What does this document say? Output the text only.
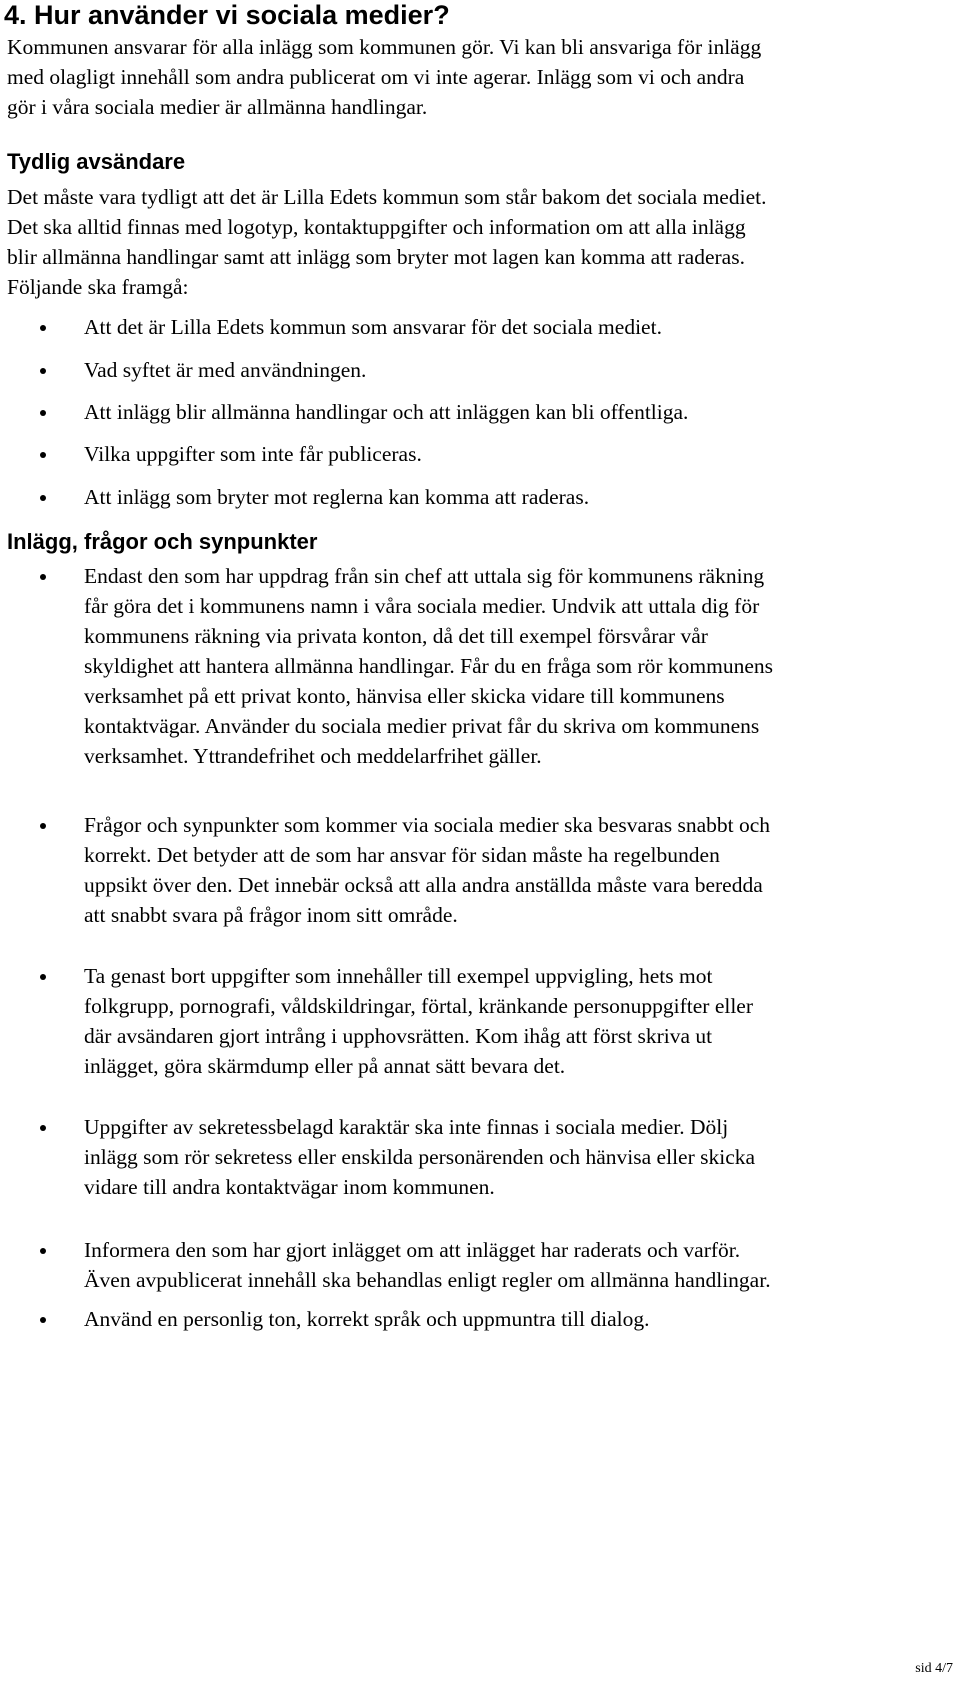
4. Hur använder vi sociala medier?
Kommunen ansvarar för alla inlägg som kommunen gör. Vi kan bli ansvariga för inlägg
med olagligt innehåll som andra publicerat om vi inte agerar. Inlägg som vi och andra
gör i våra sociala medier är allmänna handlingar.
Tydlig avsändare
Det måste vara tydligt att det är Lilla Edets kommun som står bakom det sociala mediet.
Det ska alltid finnas med logotyp, kontaktuppgifter och information om att alla inlägg
blir allmänna handlingar samt att inlägg som bryter mot lagen kan komma att raderas.
Följande ska framgå:
Att det är Lilla Edets kommun som ansvarar för det sociala mediet.
Vad syftet är med användningen.
Att inlägg blir allmänna handlingar och att inläggen kan bli offentliga.
Vilka uppgifter som inte får publiceras.
Att inlägg som bryter mot reglerna kan komma att raderas.
Inlägg, frågor och synpunkter
Endast den som har uppdrag från sin chef att uttala sig för kommunens räkning
får göra det i kommunens namn i våra sociala medier. Undvik att uttala dig för
kommunens räkning via privata konton, då det till exempel försvårar vår
skyldighet att hantera allmänna handlingar. Får du en fråga som rör kommunens
verksamhet på ett privat konto, hänvisa eller skicka vidare till kommunens
kontaktvägar. Använder du sociala medier privat får du skriva om kommunens
verksamhet. Yttrandefrihet och meddelarfrihet gäller.
Frågor och synpunkter som kommer via sociala medier ska besvaras snabbt och
korrekt. Det betyder att de som har ansvar för sidan måste ha regelbunden
uppsikt över den. Det innebär också att alla andra anställda måste vara beredda
att snabbt svara på frågor inom sitt område.
Ta genast bort uppgifter som innehåller till exempel uppvigling, hets mot
folkgrupp, pornografi, våldskildringar, förtal, kränkande personuppgifter eller
där avsändaren gjort intrång i upphovsrätten. Kom ihåg att först skriva ut
inlägget, göra skärmdump eller på annat sätt bevara det.
Uppgifter av sekretessbelagd karaktär ska inte finnas i sociala medier. Dölj
inlägg som rör sekretess eller enskilda personärenden och hänvisa eller skicka
vidare till andra kontaktvägar inom kommunen.
Informera den som har gjort inlägget om att inlägget har raderats och varför.
Även avpublicerat innehåll ska behandlas enligt regler om allmänna handlingar.
Använd en personlig ton, korrekt språk och uppmuntra till dialog.
sid 4/7
